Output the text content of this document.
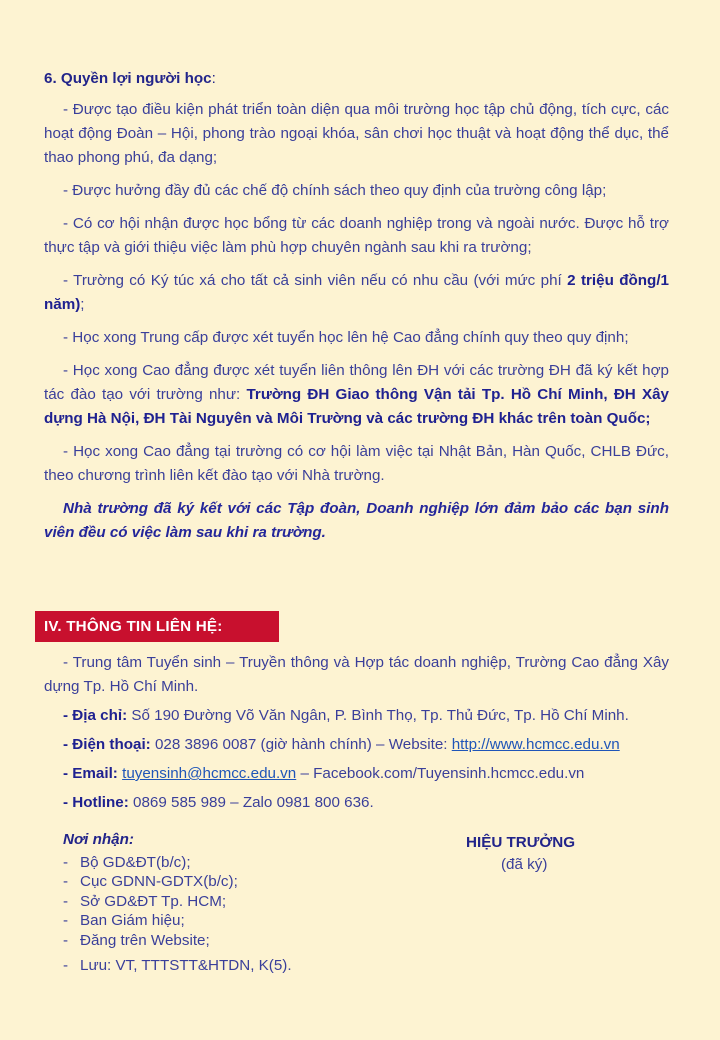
6. Quyền lợi người học:

- Được tạo điều kiện phát triển toàn diện qua môi trường học tập chủ động, tích cực, các hoạt động Đoàn – Hội, phong trào ngoại khóa, sân chơi học thuật và hoạt động thể dục, thể thao phong phú, đa dạng;

- Được hưởng đầy đủ các chế độ chính sách theo quy định của trường công lập;

- Có cơ hội nhận được học bổng từ các doanh nghiệp trong và ngoài nước. Được hỗ trợ thực tập và giới thiệu việc làm phù hợp chuyên ngành sau khi ra trường;

- Trường có Ký túc xá cho tất cả sinh viên nếu có nhu cầu (với mức phí 2 triệu đồng/1 năm);

- Học xong Trung cấp được xét tuyển học lên hệ Cao đẳng chính quy theo quy định;

- Học xong Cao đẳng được xét tuyển liên thông lên ĐH với các trường ĐH đã ký kết hợp tác đào tạo với trường như: Trường ĐH Giao thông Vận tải Tp. Hồ Chí Minh, ĐH Xây dựng Hà Nội, ĐH Tài Nguyên và Môi Trường và các trường ĐH khác trên toàn Quốc;

- Học xong Cao đẳng tại trường có cơ hội làm việc tại Nhật Bản, Hàn Quốc, CHLB Đức, theo chương trình liên kết đào tạo với Nhà trường.

Nhà trường đã ký kết với các Tập đoàn, Doanh nghiệp lớn đảm bảo các bạn sinh viên đều có việc làm sau khi ra trường.

IV. THÔNG TIN LIÊN HỆ:

- Trung tâm Tuyển sinh – Truyền thông và Hợp tác doanh nghiệp, Trường Cao đẳng Xây dựng Tp. Hồ Chí Minh.

- Địa chỉ: Số 190 Đường Võ Văn Ngân, P. Bình Thọ, Tp. Thủ Đức, Tp. Hồ Chí Minh.
- Điện thoại: 028 3896 0087 (giờ hành chính) – Website: http://www.hcmcc.edu.vn
- Email: tuyensinh@hcmcc.edu.vn – Facebook.com/Tuyensinh.hcmcc.edu.vn
- Hotline: 0869 585 989 – Zalo 0981 800 636.
Nơi nhận:
- Bộ GD&ĐT(b/c);
- Cục GDNN-GDTX(b/c);
- Sở GD&ĐT Tp. HCM;
- Ban Giám hiệu;
- Đăng trên Website;
- Lưu: VT, TTTSTT&HTDN, K(5).
HIỆU TRƯỞNG
(đã ký)
